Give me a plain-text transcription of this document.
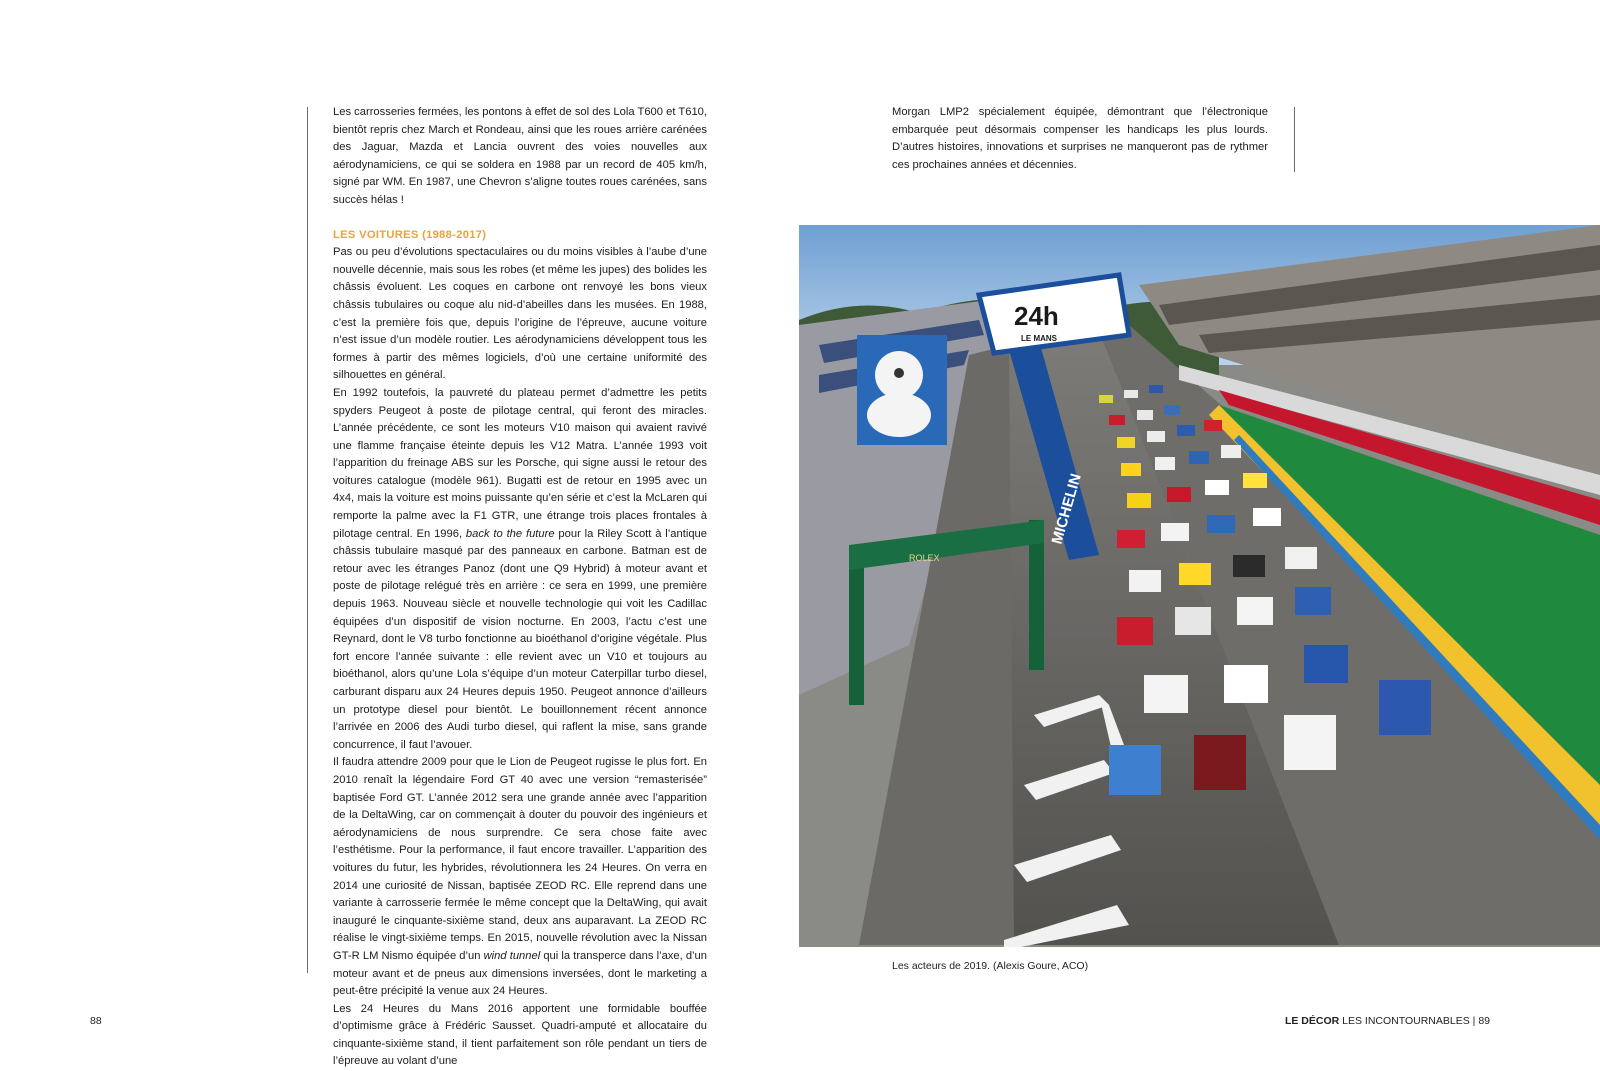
Les carrosseries fermées, les pontons à effet de sol des Lola T600 et T610, bientôt repris chez March et Rondeau, ainsi que les roues arrière carénées des Jaguar, Mazda et Lancia ouvrent des voies nouvelles aux aérodynamiciens, ce qui se soldera en 1988 par un record de 405 km/h, signé par WM. En 1987, une Chevron s’aligne toutes roues carénées, sans succès hélas !

LES VOITURES (1988-2017)

Pas ou peu d’évolutions spectaculaires ou du moins visibles à l’aube d’une nouvelle décennie, mais sous les robes (et même les jupes) des bolides les châssis évoluent. Les coques en carbone ont renvoyé les bons vieux châssis tubulaires ou coque alu nid-d’abeilles dans les musées. En 1988, c’est la première fois que, depuis l’origine de l’épreuve, aucune voiture n’est issue d’un modèle routier. Les aérodynamiciens développent tous les formes à partir des mêmes logiciels, d’où une certaine uniformité des silhouettes en général.

En 1992 toutefois, la pauvreté du plateau permet d’admettre les petits spyders Peugeot à poste de pilotage central, qui feront des miracles. L’année précédente, ce sont les moteurs V10 maison qui avaient ravivé une flamme française éteinte depuis les V12 Matra. L’année 1993 voit l’apparition du freinage ABS sur les Porsche, qui signe aussi le retour des voitures catalogue (modèle 961). Bugatti est de retour en 1995 avec un 4x4, mais la voiture est moins puissante qu’en série et c’est la McLaren qui remporte la palme avec la F1 GTR, une étrange trois places frontales à pilotage central. En 1996, back to the future pour la Riley Scott à l’antique châssis tubulaire masqué par des panneaux en carbone. Batman est de retour avec les étranges Panoz (dont une Q9 Hybrid) à moteur avant et poste de pilotage relégué très en arrière : ce sera en 1999, une première depuis 1963. Nouveau siècle et nouvelle technologie qui voit les Cadillac équipées d’un dispositif de vision nocturne. En 2003, l’actu c’est une Reynard, dont le V8 turbo fonctionne au bioéthanol d’origine végétale. Plus fort encore l’année suivante : elle revient avec un V10 et toujours au bioéthanol, alors qu’une Lola s’équipe d’un moteur Caterpillar turbo diesel, carburant disparu aux 24 Heures depuis 1950. Peugeot annonce d’ailleurs un prototype diesel pour bientôt. Le bouillonnement récent annonce l’arrivée en 2006 des Audi turbo diesel, qui raflent la mise, sans grande concurrence, il faut l’avouer.

Il faudra attendre 2009 pour que le Lion de Peugeot rugisse le plus fort. En 2010 renaît la légendaire Ford GT 40 avec une version “remasterisée” baptisée Ford GT. L’année 2012 sera une grande année avec l’apparition de la DeltaWing, car on commençait à douter du pouvoir des ingénieurs et aérodynamiciens de nous surprendre. Ce sera chose faite avec l’esthétisme. Pour la performance, il faut encore travailler. L’apparition des voitures du futur, les hybrides, révolutionnera les 24 Heures. On verra en 2014 une curiosité de Nissan, baptisée ZEOD RC. Elle reprend dans une variante à carrosserie fermée le même concept que la DeltaWing, qui avait inauguré le cinquante-sixième stand, deux ans auparavant. La ZEOD RC réalise le vingt-sixième temps. En 2015, nouvelle révolution avec la Nissan GT-R LM Nismo équipée d’un wind tunnel qui la transperce dans l’axe, d’un moteur avant et de pneus aux dimensions inversées, dont le marketing a peut-être précipité la venue aux 24 Heures.

Les 24 Heures du Mans 2016 apportent une formidable bouffée d’optimisme grâce à Frédéric Sausset. Quadri-amputé et allocataire du cinquante-sixième stand, il tient parfaitement son rôle pendant un tiers de l’épreuve au volant d’une

Morgan LMP2 spécialement équipée, démontrant que l’électronique embarquée peut désormais compenser les handicaps les plus lourds. D’autres histoires, innovations et surprises ne manqueront pas de rythmer ces prochaines années et décennies.

ROLEX
MICHELIN
24h
LE MANS
Les acteurs de 2019. (Alexis Goure, ACO)
88	LE DÉCOR LES INCONTOURNABLES | 89
